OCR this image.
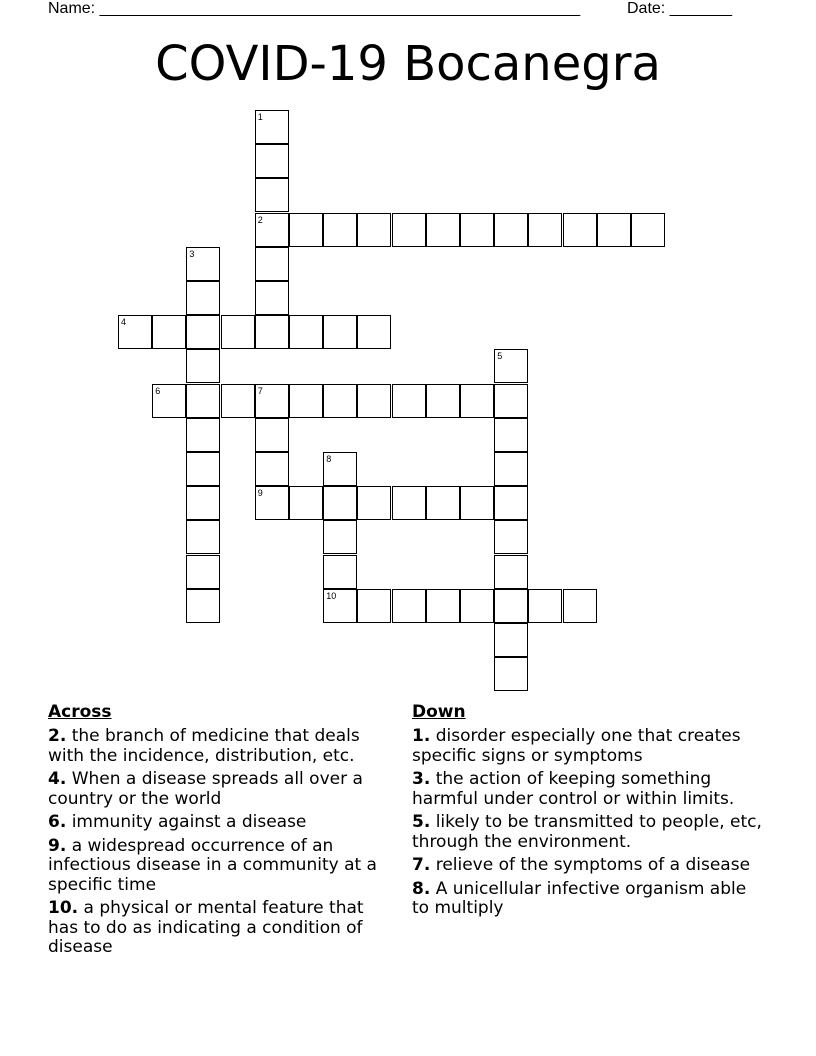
Name: ______________________________________________________	Date: _______
COVID-19 Bocanegra
1
2
3
4
5
6	7
9
8
10
Across
2. the branch of medicine that deals with the incidence, distribution, etc.
4. When a disease spreads all over a country or the world
6. immunity against a disease
9. a widespread occurrence of an infectious disease in a community at a specific time
10. a physical or mental feature that has to do as indicating a condition of disease
Down
1. disorder especially one that creates specific signs or symptoms
3. the action of keeping something harmful under control or within limits.
5. likely to be transmitted to people, etc, through the environment.
7. relieve of the symptoms of a disease
8. A unicellular infective organism able to multiply
